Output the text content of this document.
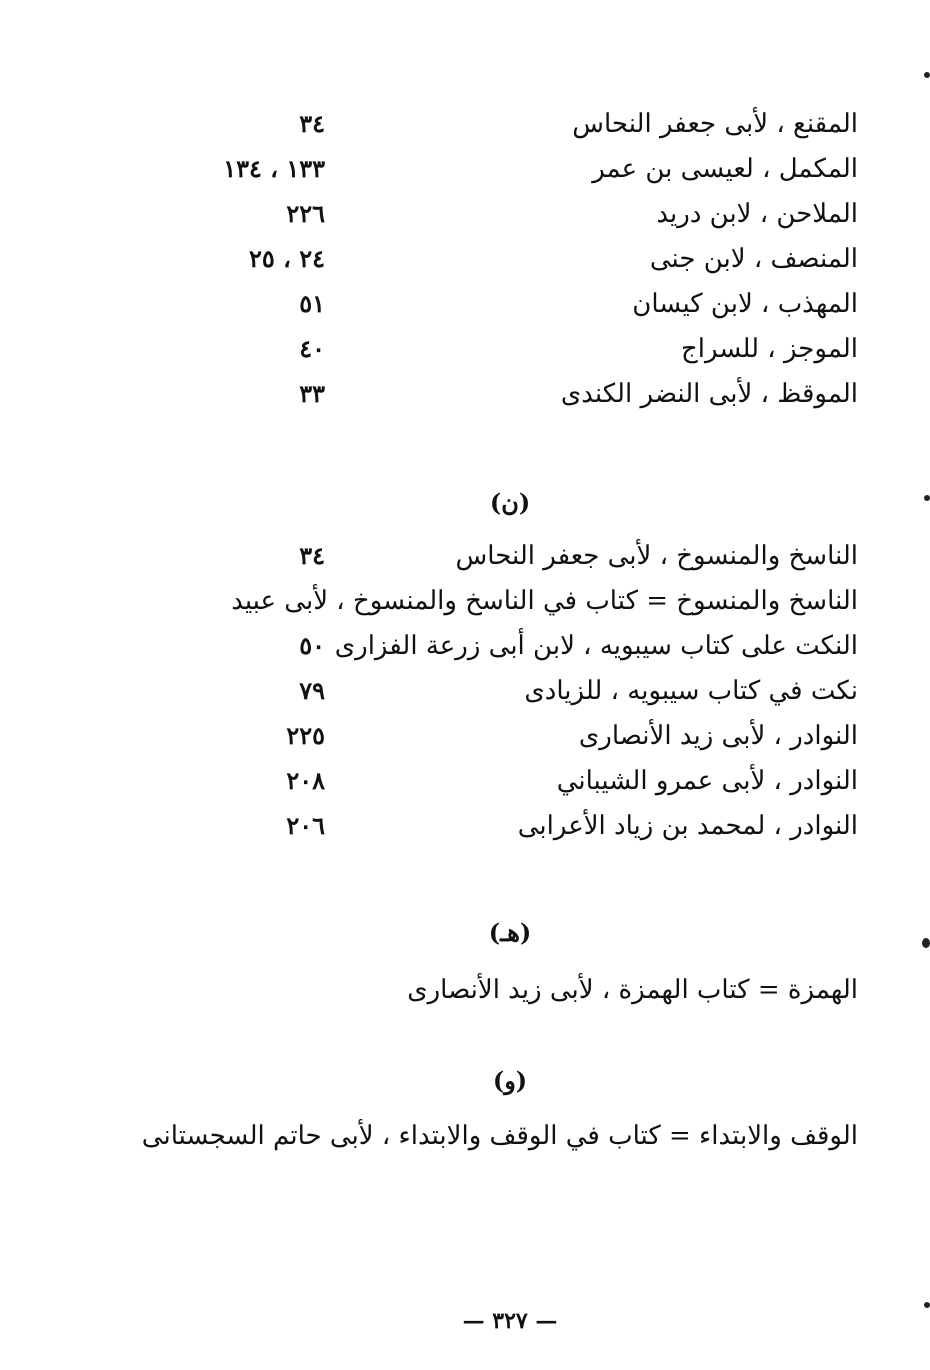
المقنع ، لأبى جعفر النحاس
٣٤
المكمل ، لعيسى بن عمر
١٣٣ ، ١٣٤
الملاحن ، لابن دريد
٢٢٦
المنصف ، لابن جنى
٢٤ ، ٢٥
المهذب ، لابن كيسان
٥١
الموجز ، للسراج
٤٠
الموقظ ، لأبى النضر الكندى
٣٣
(ن)
الناسخ والمنسوخ ، لأبى جعفر النحاس
٣٤
الناسخ والمنسوخ = كتاب في الناسخ والمنسوخ ، لأبى عبيد
النكت على كتاب سيبويه ، لابن أبى زرعة الفزارى
٥٠
نكت في كتاب سيبويه ، للزيادى
٧٩
النوادر ، لأبى زيد الأنصارى
٢٢٥
النوادر ، لأبى عمرو الشيباني
٢٠٨
النوادر ، لمحمد بن زياد الأعرابى
٢٠٦
(هـ)
الهمزة = كتاب الهمزة ، لأبى زيد الأنصارى
(و)
الوقف والابتداء = كتاب في الوقف والابتداء ، لأبى حاتم السجستانى
— ٣٢٧ —
